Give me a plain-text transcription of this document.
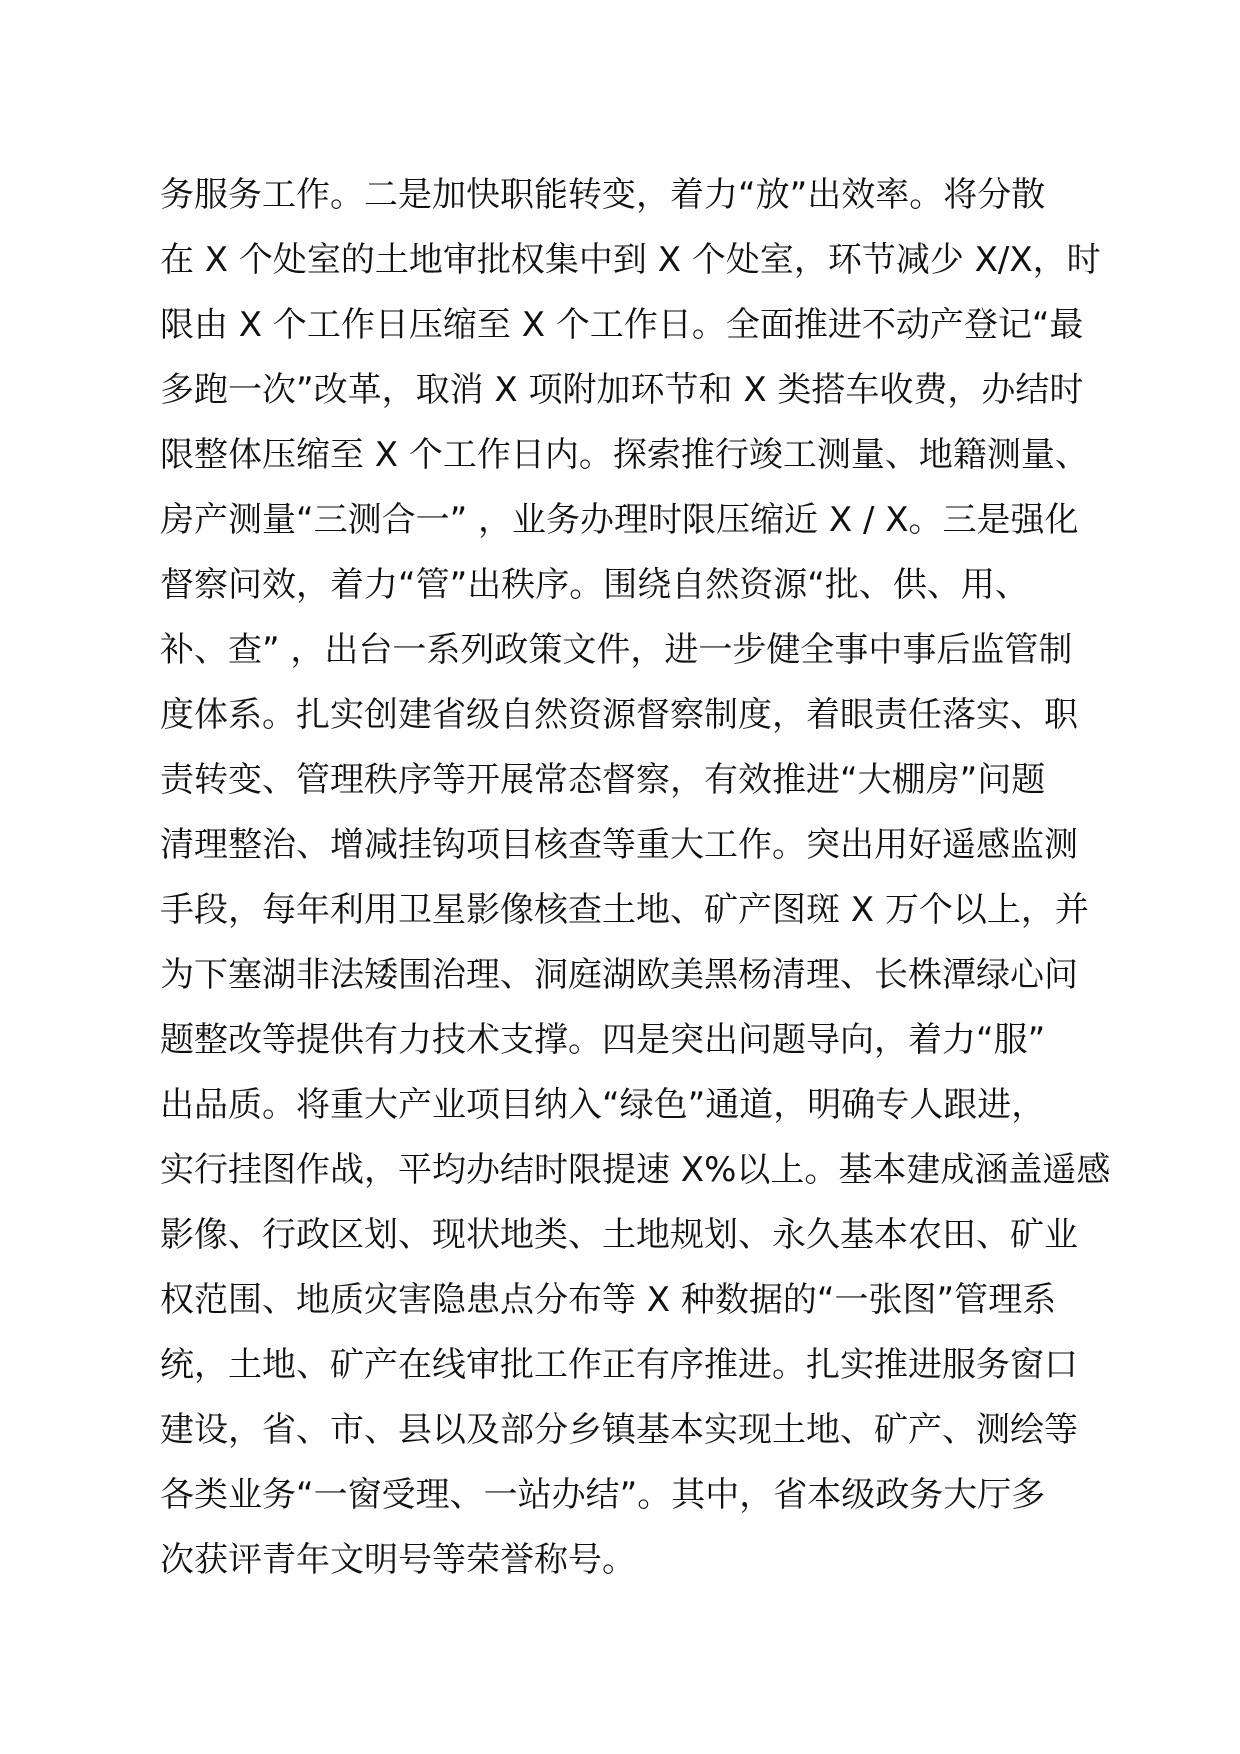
务服务工作。二是加快职能转变，着力“放”出效率。将分散
在 X 个处室的土地审批权集中到 X 个处室，环节减少 X/X，时
限由 X 个工作日压缩至 X 个工作日。全面推进不动产登记“最
多跑一次”改革，取消 X 项附加环节和 X 类搭车收费，办结时
限整体压缩至 X 个工作日内。探索推行竣工测量、地籍测量、
房产测量“三测合一” ，业务办理时限压缩近 X / X。三是强化
督察问效，着力“管”出秩序。围绕自然资源“批、供、用、
补、查” ，出台一系列政策文件，进一步健全事中事后监管制
度体系。扎实创建省级自然资源督察制度，着眼责任落实、职
责转变、管理秩序等开展常态督察，有效推进“大棚房”问题
清理整治、增减挂钩项目核查等重大工作。突出用好遥感监测
手段，每年利用卫星影像核查土地、矿产图斑 X 万个以上，并
为下塞湖非法矮围治理、洞庭湖欧美黑杨清理、长株潭绿心问
题整改等提供有力技术支撑。四是突出问题导向，着力“服”
出品质。将重大产业项目纳入“绿色”通道，明确专人跟进，
实行挂图作战，平均办结时限提速 X%以上。基本建成涵盖遥感
影像、行政区划、现状地类、土地规划、永久基本农田、矿业
权范围、地质灾害隐患点分布等 X 种数据的“一张图”管理系
统，土地、矿产在线审批工作正有序推进。扎实推进服务窗口
建设，省、市、县以及部分乡镇基本实现土地、矿产、测绘等
各类业务“一窗受理、一站办结”。其中，省本级政务大厅多
次获评青年文明号等荣誉称号。
